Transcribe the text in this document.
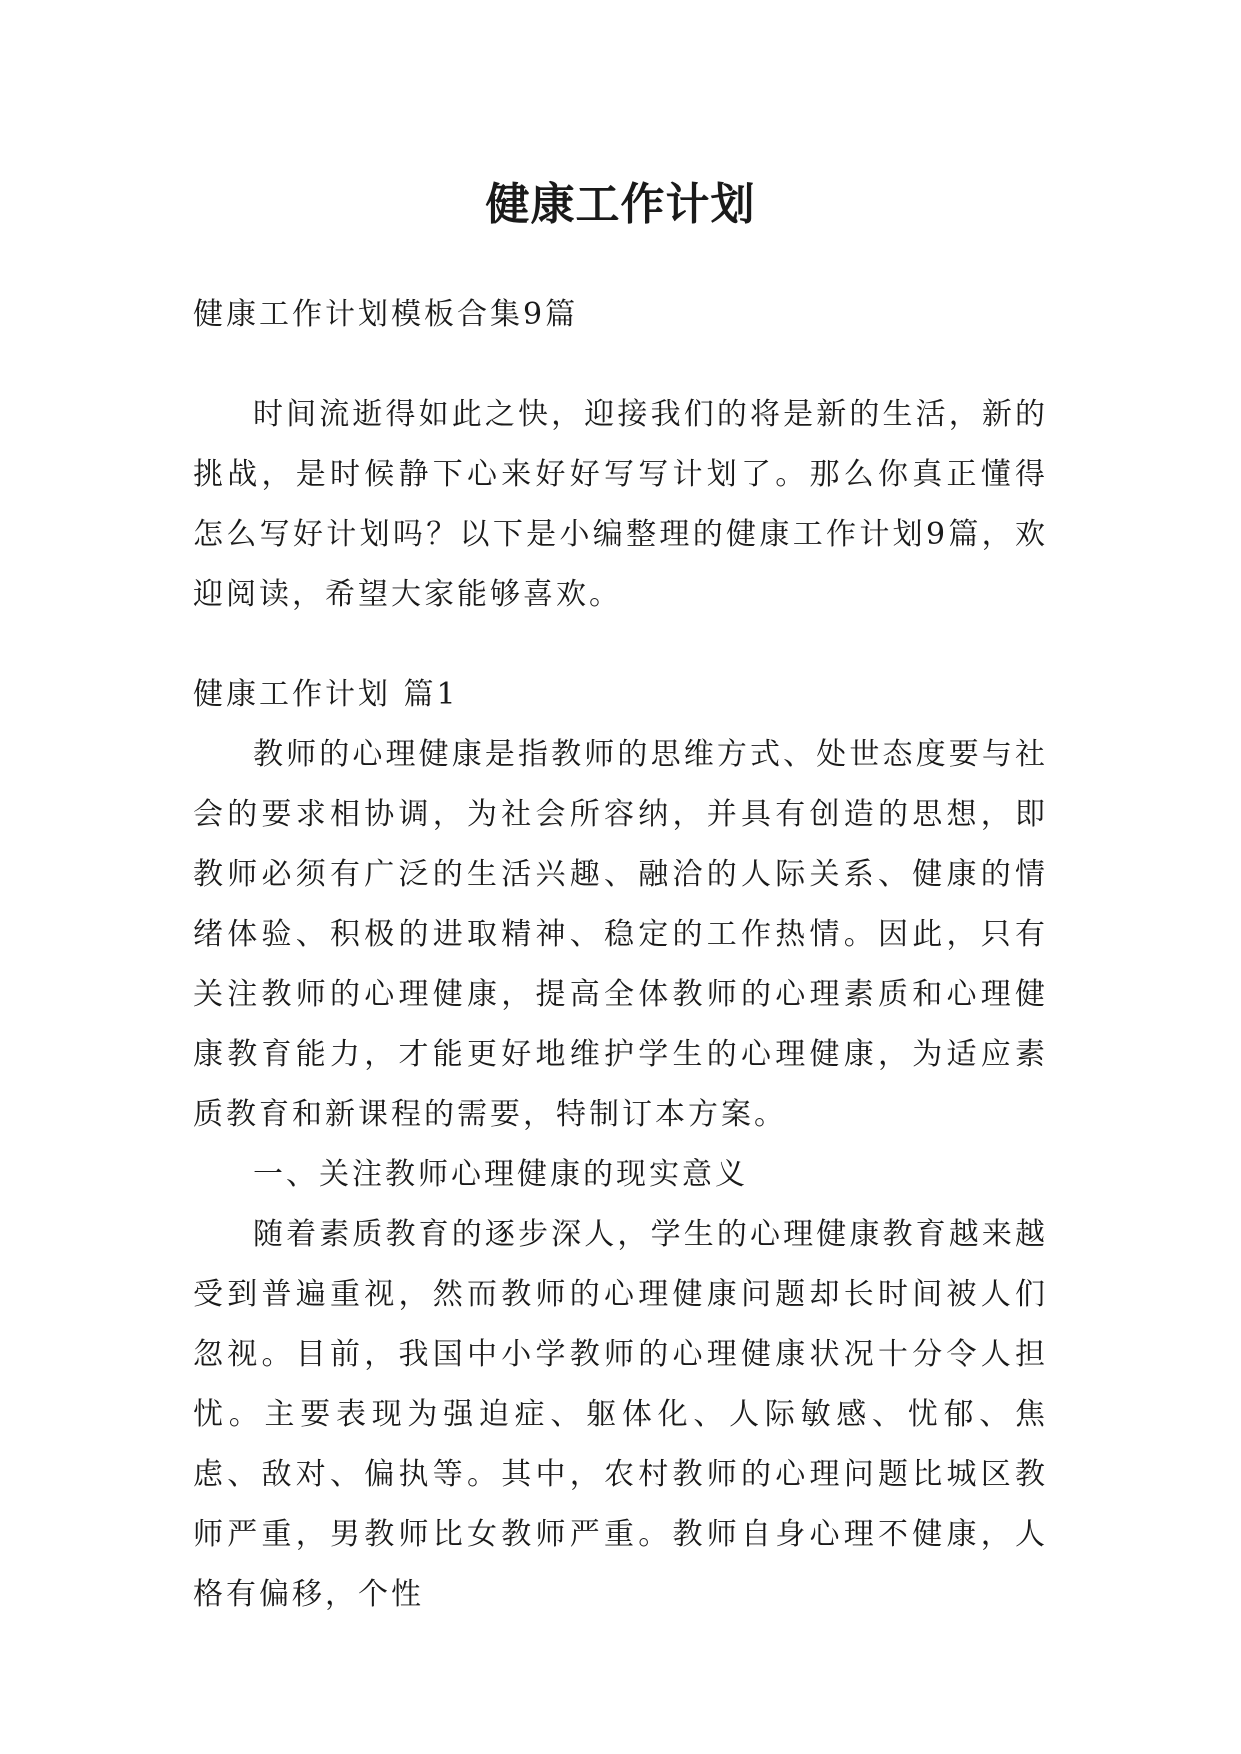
健康工作计划

健康工作计划模板合集9篇

时间流逝得如此之快，迎接我们的将是新的生活，新的挑战，是时候静下心来好好写写计划了。那么你真正懂得怎么写好计划吗？以下是小编整理的健康工作计划9篇，欢迎阅读，希望大家能够喜欢。

健康工作计划 篇1

教师的心理健康是指教师的思维方式、处世态度要与社会的要求相协调，为社会所容纳，并具有创造的思想，即教师必须有广泛的生活兴趣、融洽的人际关系、健康的情绪体验、积极的进取精神、稳定的工作热情。因此，只有关注教师的心理健康，提高全体教师的心理素质和心理健康教育能力，才能更好地维护学生的心理健康，为适应素质教育和新课程的需要，特制订本方案。

一、关注教师心理健康的现实意义

随着素质教育的逐步深人，学生的心理健康教育越来越受到普遍重视，然而教师的心理健康问题却长时间被人们忽视。目前，我国中小学教师的心理健康状况十分令人担忧。主要表现为强迫症、躯体化、人际敏感、忧郁、焦虑、敌对、偏执等。其中，农村教师的心理问题比城区教师严重，男教师比女教师严重。教师自身心理不健康，人格有偏移，个性
